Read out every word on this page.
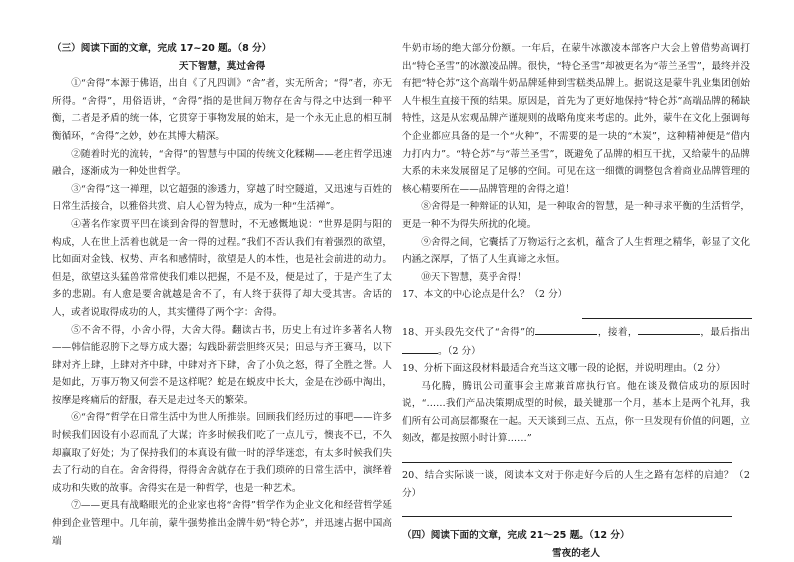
（三）阅读下面的文章，完成 17~20 题。（8 分）

天下智慧，莫过舍得

①“舍得”本源于佛语，出自《了凡四训》“舍”者，实无所舍；“得”者，亦无所得。“舍得”，用俗语讲，“舍得”指的是世间万物存在舍与得之中达到一种平衡，二者是矛盾的统一体，它贯穿于事物发展的始末，是一个永无止息的相互制衡循环，“舍得”之妙，妙在其博大精深。

②随着时光的流转，“舍得”的智慧与中国的传统文化糅糊——老庄哲学迅速融合，逐渐成为一种处世哲学。

③“舍得”这一禅理，以它超强的渗透力，穿越了时空隧道，又迅速与百姓的日常生活接合，以雅俗共赏、启人心智为特点，成为一种“生活禅”。

④著名作家贾平凹在谈到舍得的智慧时，不无感慨地说：“世界是阴与阳的构成，人在世上活着也就是一舍一得的过程。”我们不否认我们有着强烈的欲望，比如面对金钱、权势、声名和感情时，欲望是人的本性，也是社会前进的动力。但是，欲望这头猛兽常常使我们难以把握，不是不及，便是过了，于是产生了太多的悲剧。有人愈是要舍就越是舍不了，有人终于获得了却大受其害。舍话的人，或者说取得成功的人，其实懂得了两个字：舍得。

⑤不舍不得，小舍小得，大舍大得。翻读古书，历史上有过许多著名人物——韩信能忍胯下之辱方成大器；勾践卧薪尝胆终灭吴；田忌与齐王赛马，以下肆对齐上肆，上肆对齐中肆，中肆对齐下肆，舍了小负之怒，得了全胜之誉。人是如此，万事万物又何尝不是这样呢？蛇是在蜕皮中长大，金是在沙砾中淘出，按摩是疼痛后的舒服，春天是走过冬天的繁荣。

⑥“舍得”哲学在日常生活中为世人所推崇。回顾我们经历过的事吧——许多时候我们因设有小忍而乱了大谋；许多时候我们吃了一点儿亏，懊丧不已，不久却赢取了好处；为了保持我们的本真设有做一时的浮华迷恋，有太多时候我们失去了行动的自在。舍舍得得，得得舍舍就存在于我们琐碎的日常生活中，演绎着成功和失败的故事。舍得实在是一种哲学，也是一种艺术。

⑦——更具有战略眼光的企业家也将“舍得”哲学作为企业文化和经营哲学延伸到企业管理中。几年前，蒙牛强势推出金牌牛奶“特仑苏”，并迅速占据中国高端

牛奶市场的绝大部分份额。一年后，在蒙牛冰激凌本部客户大会上曾借势高调打出“特仑圣雪”的冰激凌品牌。很快，“特仑圣雪”却被更名为“蒂兰圣雪”，最终并没有把“特仑苏”这个高端牛奶品牌延伸到雪糕类品牌上。据说这是蒙牛乳业集团创始人牛根生直接干预的结果。原因是，首先为了更好地保持“特仑苏”高端品牌的稀缺特性，这是从宏观品牌产谨规则的战略角度来考虑的。此外，蒙牛在文化上强调每个企业都应具备的是一个“火种”，不需要的是一块的“木炭”，这种精神便是“借内力打内力”。“特仑苏”与“蒂兰圣雪”，既避免了品牌的相互干扰，又给蒙牛的品牌大系的未来发展留足了足够的空间。可见在这一细微的调整包含着商业品牌管理的核心精要所在——品牌管理的舍得之道！

⑧舍得是一种辩证的认知，是一种取舍的智慧，是一种寻求平衡的生活哲学，更是一种不为得失所扰的化境。

⑨舍得之间，它囊括了万物运行之玄机，蕴含了人生哲理之精华，彰显了文化内涵之深厚，了悟了人生真谛之永恒。

⑩天下智慧，莫乎舍得！

17、本文的中心论点是什么？（2 分）

18、开头段先交代了“舍得”的	，接着，	，最后指出。（2 分）

19、分析下面这段材料最适合充当这文哪一段的论据，并说明理由。（2 分）

马化腾，腾讯公司董事会主席兼首席执行官。他在谈及微信成功的原因时说，“……我们产品决策期成型的时候，最关键那一个月，基本上是两个礼拜，我们所有公司高层都聚在一起。天天谈到三点、五点，你一旦发现有价值的问题，立刻改，都是按照小时计算……”

20、结合实际谈一谈，阅读本文对于你走好今后的人生之路有怎样的启迪？（2 分）

（四）阅读下面的文章，完成 21～25 题。（12 分）

雪夜的老人
